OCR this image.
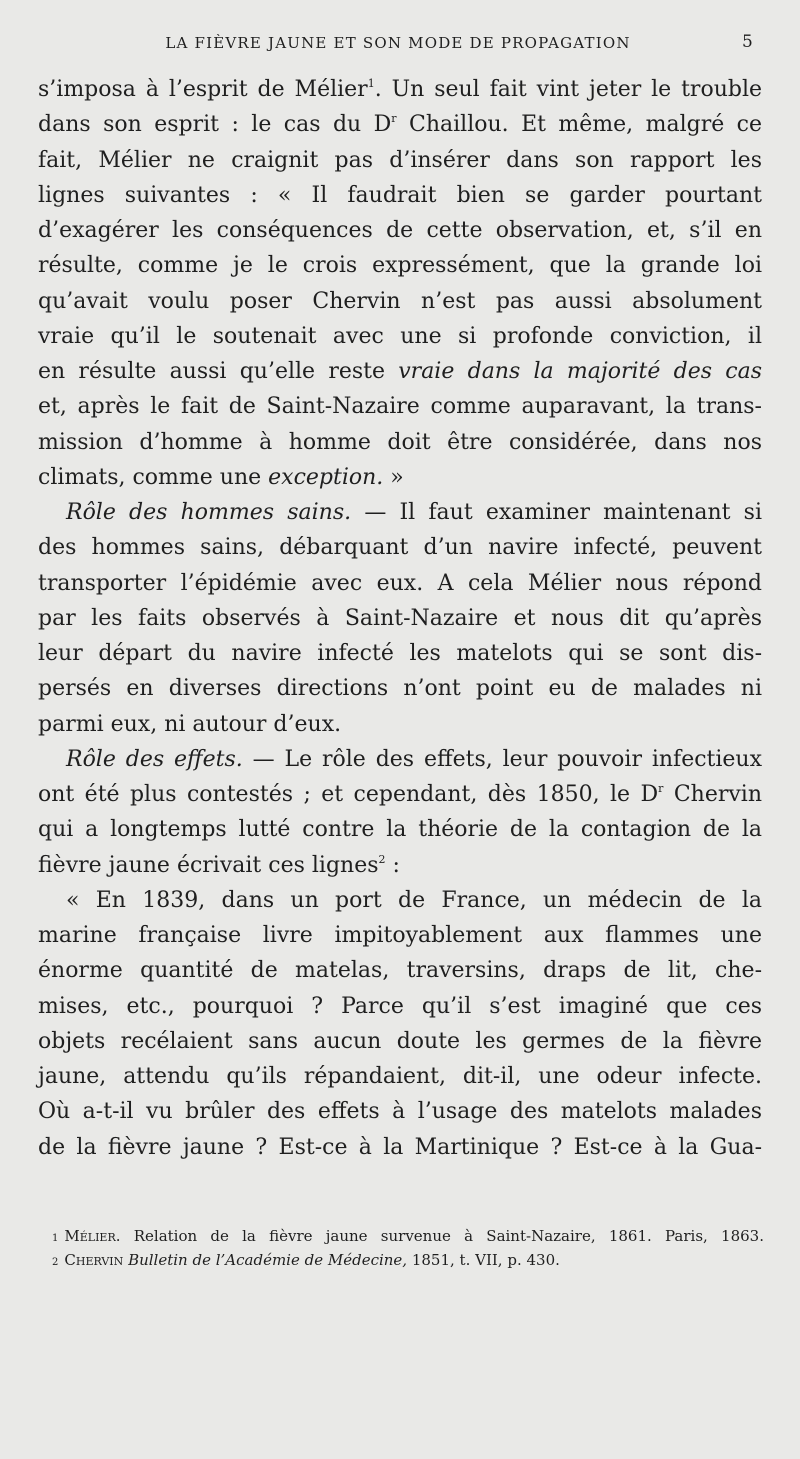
LA FIÈVRE JAUNE ET SON MODE DE PROPAGATION	5
s’imposa à l’esprit de Mélier$^1$. Un seul fait vint jeter le trouble
dans son esprit : le cas du $D^r$ Chaillou. Et même, malgré ce
fait, Mélier ne craignit pas d’insérer dans son rapport les
lignes suivantes : « Il faudrait bien se garder pourtant
d’exagérer les conséquences de cette observation, et, s’il en
résulte, comme je le crois expressément, que la grande loi
qu’avait voulu poser Chervin n’est pas aussi absolument
vraie qu’il le soutenait avec une si profonde conviction, il
en résulte aussi qu’elle reste vraie dans la majorité des cas
et, après le fait de Saint-Nazaire comme auparavant, la trans-
mission d’homme à homme doit être considérée, dans nos
climats, comme une exception. »
Rôle des hommes sains. — Il faut examiner maintenant si
des hommes sains, débarquant d’un navire infecté, peuvent
transporter l’épidémie avec eux. A cela Mélier nous répond
par les faits observés à Saint-Nazaire et nous dit qu’après
leur départ du navire infecté les matelots qui se sont dis-
persés en diverses directions n’ont point eu de malades ni
parmi eux, ni autour d’eux.
Rôle des effets. — Le rôle des effets, leur pouvoir infectieux
ont été plus contestés ; et cependant, dès 1850, le $D^r$ Chervin
qui a longtemps lutté contre la théorie de la contagion de la
fièvre jaune écrivait ces lignes$^2$ :
« En 1839, dans un port de France, un médecin de la
marine française livre impitoyablement aux flammes une
énorme quantité de matelas, traversins, draps de lit, che-
mises, etc., pourquoi ? Parce qu’il s’est imaginé que ces
objets recélaient sans aucun doute les germes de la fièvre
jaune, attendu qu’ils répandaient, dit-il, une odeur infecte.
Où a-t-il vu brûler des effets à l’usage des matelots malades
de la fièvre jaune ? Est-ce à la Martinique ? Est-ce à la Gua-
$^1$ Mélier. Relation de la fièvre jaune survenue à Saint-Nazaire, 1861. Paris, 1863.
$^2$ Chervin Bulletin de l’Académie de Médecine, 1851, t. VII, p. 430.
